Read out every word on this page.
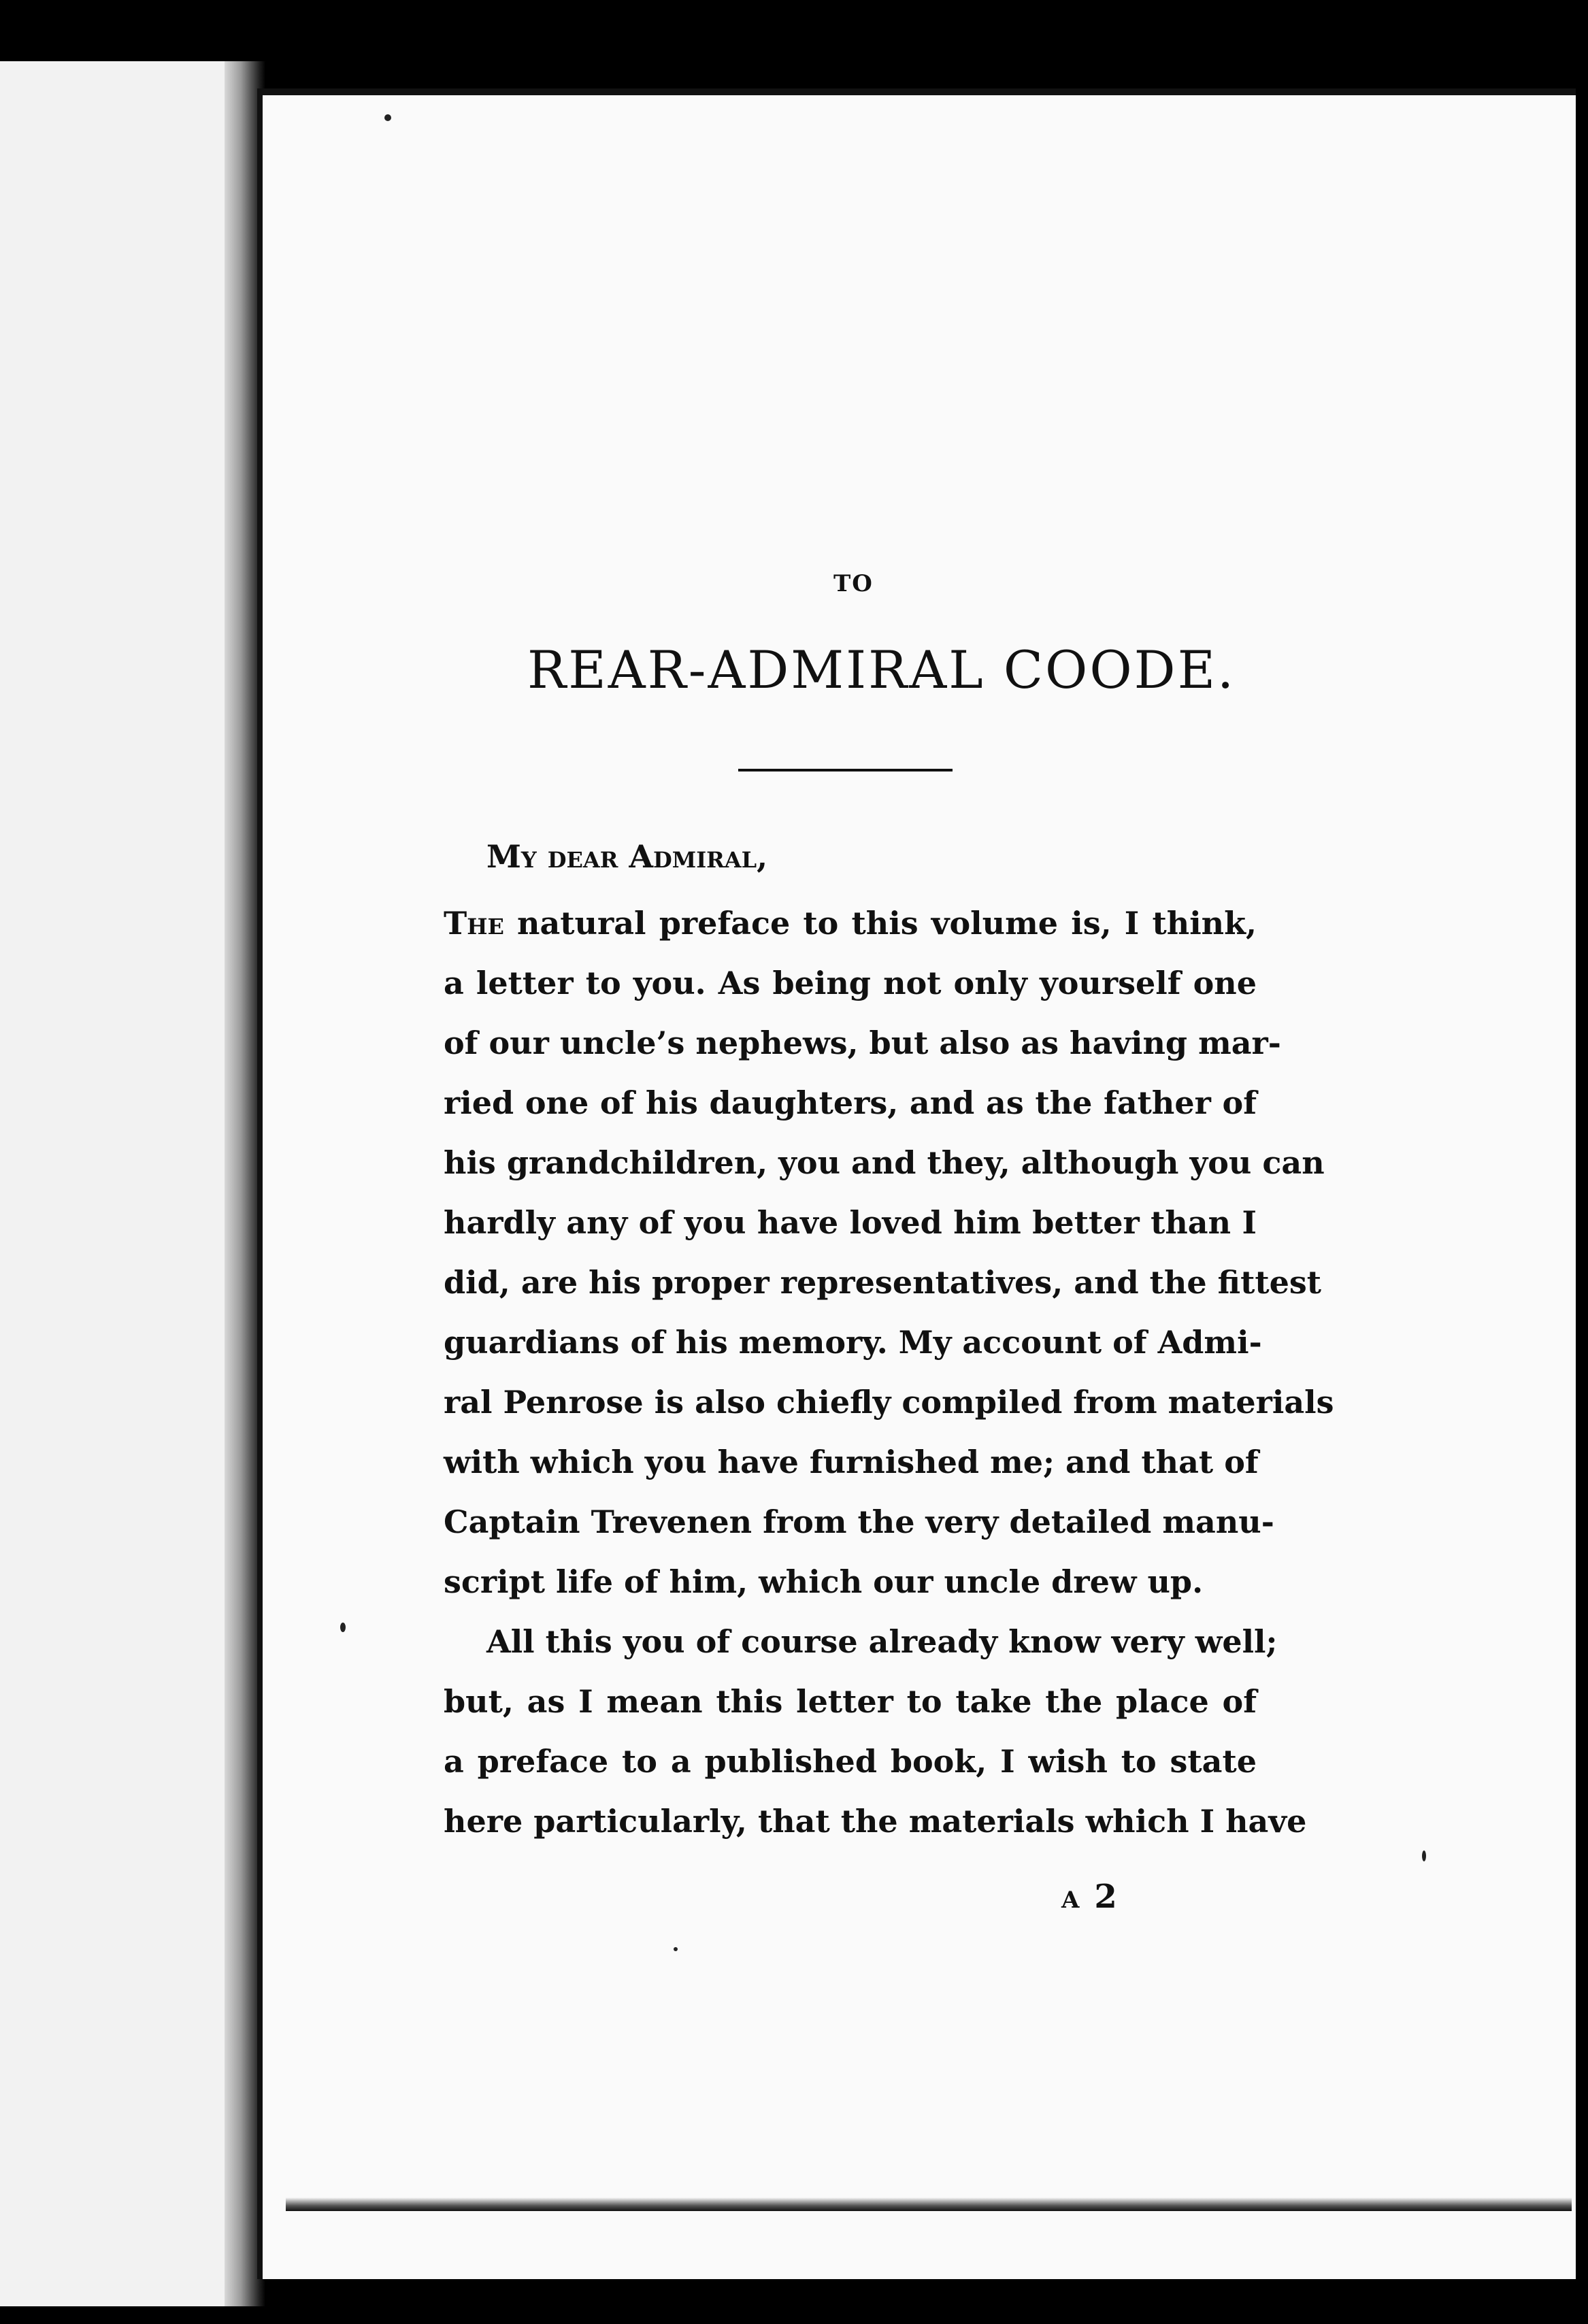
TO
REAR-ADMIRAL COODE.
My dear Admiral,
The natural preface to this volume is, I think,
a letter to you. As being not only yourself one
of our uncle’s nephews, but also as having mar-
ried one of his daughters, and as the father of
his grandchildren, you and they, although you can
hardly any of you have loved him better than I
did, are his proper representatives, and the fittest
guardians of his memory. My account of Admi-
ral Penrose is also chiefly compiled from materials
with which you have furnished me; and that of
Captain Trevenen from the very detailed manu-
script life of him, which our uncle drew up.
All this you of course already know very well;
but, as I mean this letter to take the place of
a preface to a published book, I wish to state
here particularly, that the materials which I have
A 2
